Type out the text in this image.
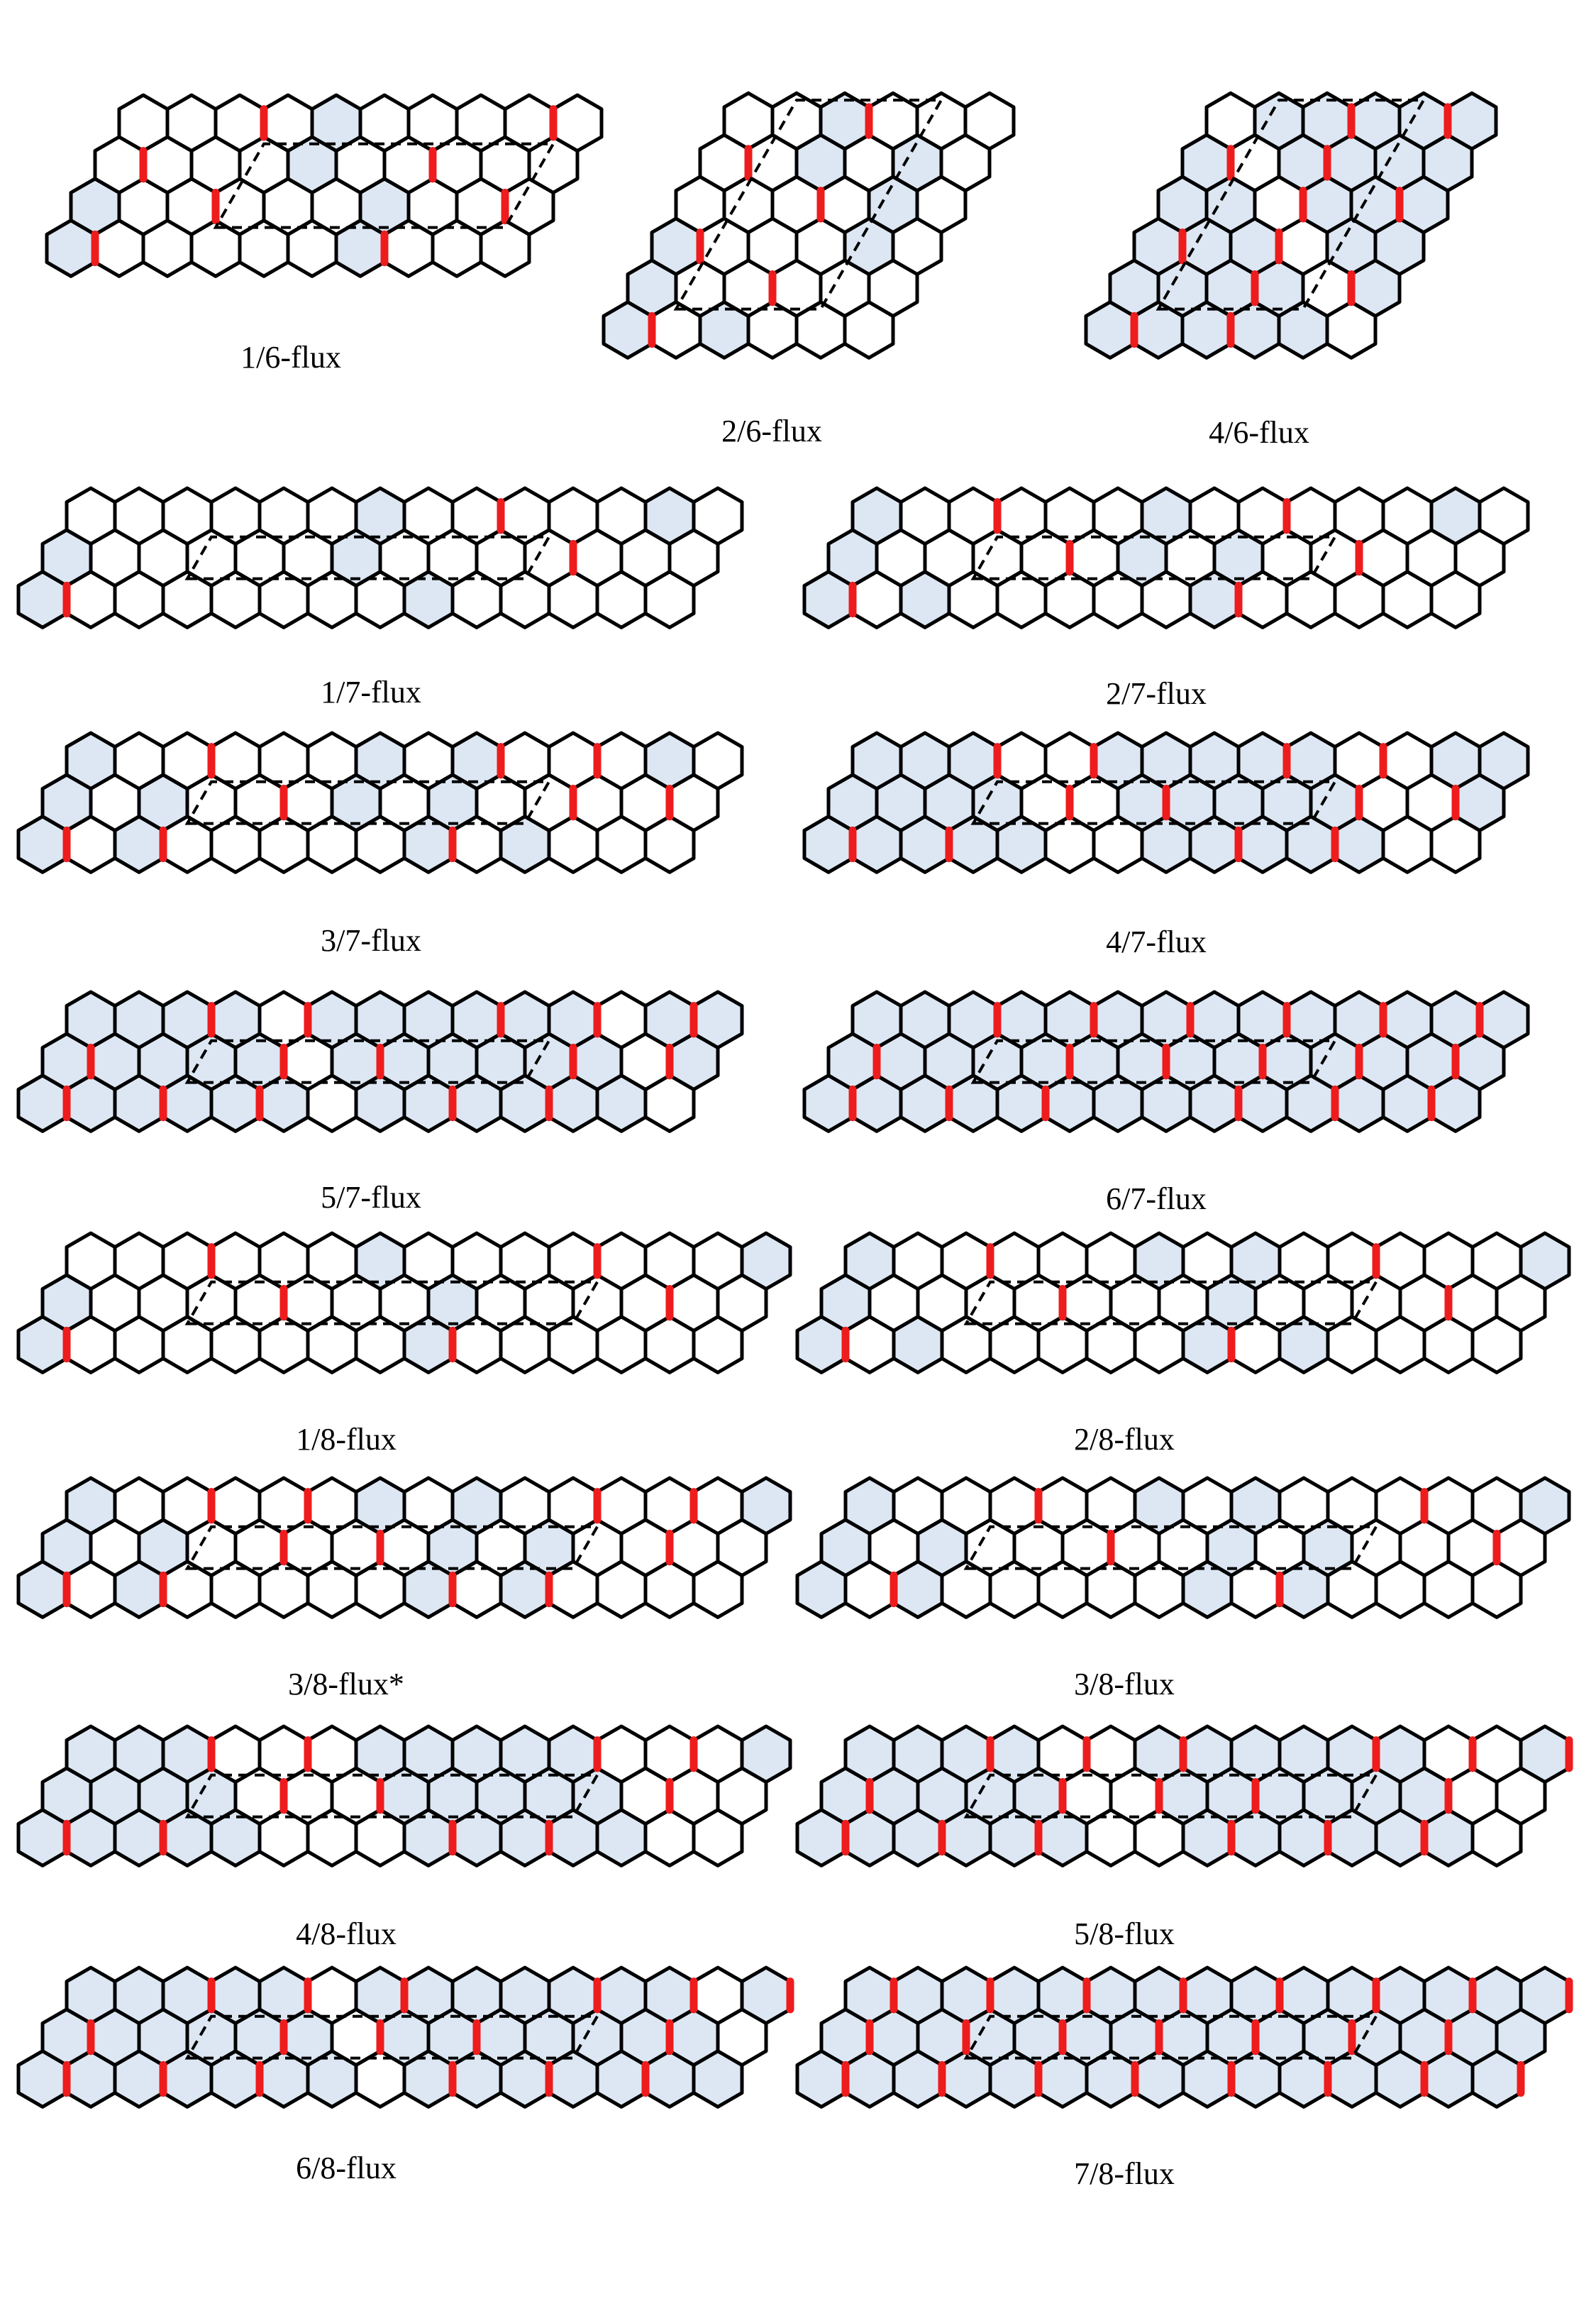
1/6-flux
2/6-flux	4/6-flux
1/7-flux	2/7-flux
3/7-flux	4/7-flux
5/7-flux	6/7-flux
1/8-flux	2/8-flux
3/8-flux*	3/8-flux
4/8-flux	5/8-flux
6/8-flux	7/8-flux
